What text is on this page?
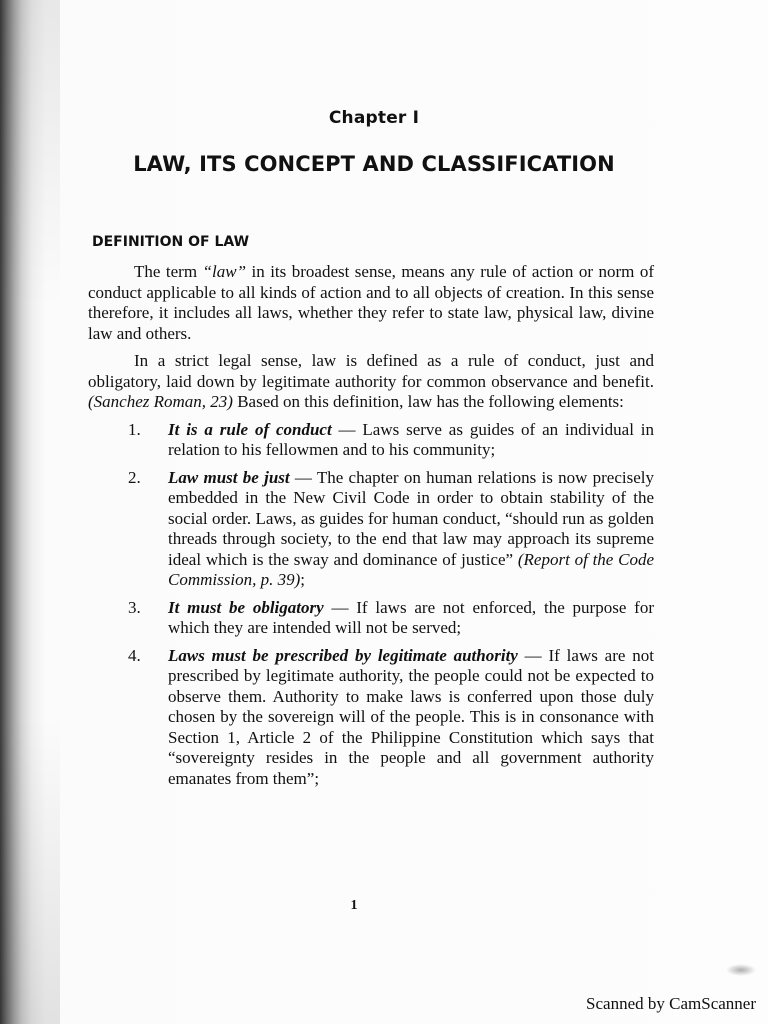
Chapter I
LAW, ITS CONCEPT AND CLASSIFICATION
DEFINITION OF LAW

The term “law” in its broadest sense, means any rule of action or norm of conduct applicable to all kinds of action and to all objects of creation. In this sense therefore, it includes all laws, whether they refer to state law, physical law, divine law and others.

In a strict legal sense, law is defined as a rule of conduct, just and obligatory, laid down by legitimate authority for common observance and benefit. (Sanchez Roman, 23) Based on this definition, law has the following elements:

1. It is a rule of conduct — Laws serve as guides of an individual in relation to his fellowmen and to his community;
2. Law must be just — The chapter on human relations is now precisely embedded in the New Civil Code in order to obtain stability of the social order. Laws, as guides for human conduct, “should run as golden threads through society, to the end that law may approach its supreme ideal which is the sway and dominance of justice” (Report of the Code Commission, p. 39);
3. It must be obligatory — If laws are not enforced, the purpose for which they are intended will not be served;
4. Laws must be prescribed by legitimate authority — If laws are not prescribed by legitimate authority, the people could not be expected to observe them. Authority to make laws is conferred upon those duly chosen by the sovereign will of the people. This is in consonance with Section 1, Article 2 of the Philippine Constitution which says that “sovereignty resides in the people and all government authority emanates from them”;
1
Scanned by CamScanner
